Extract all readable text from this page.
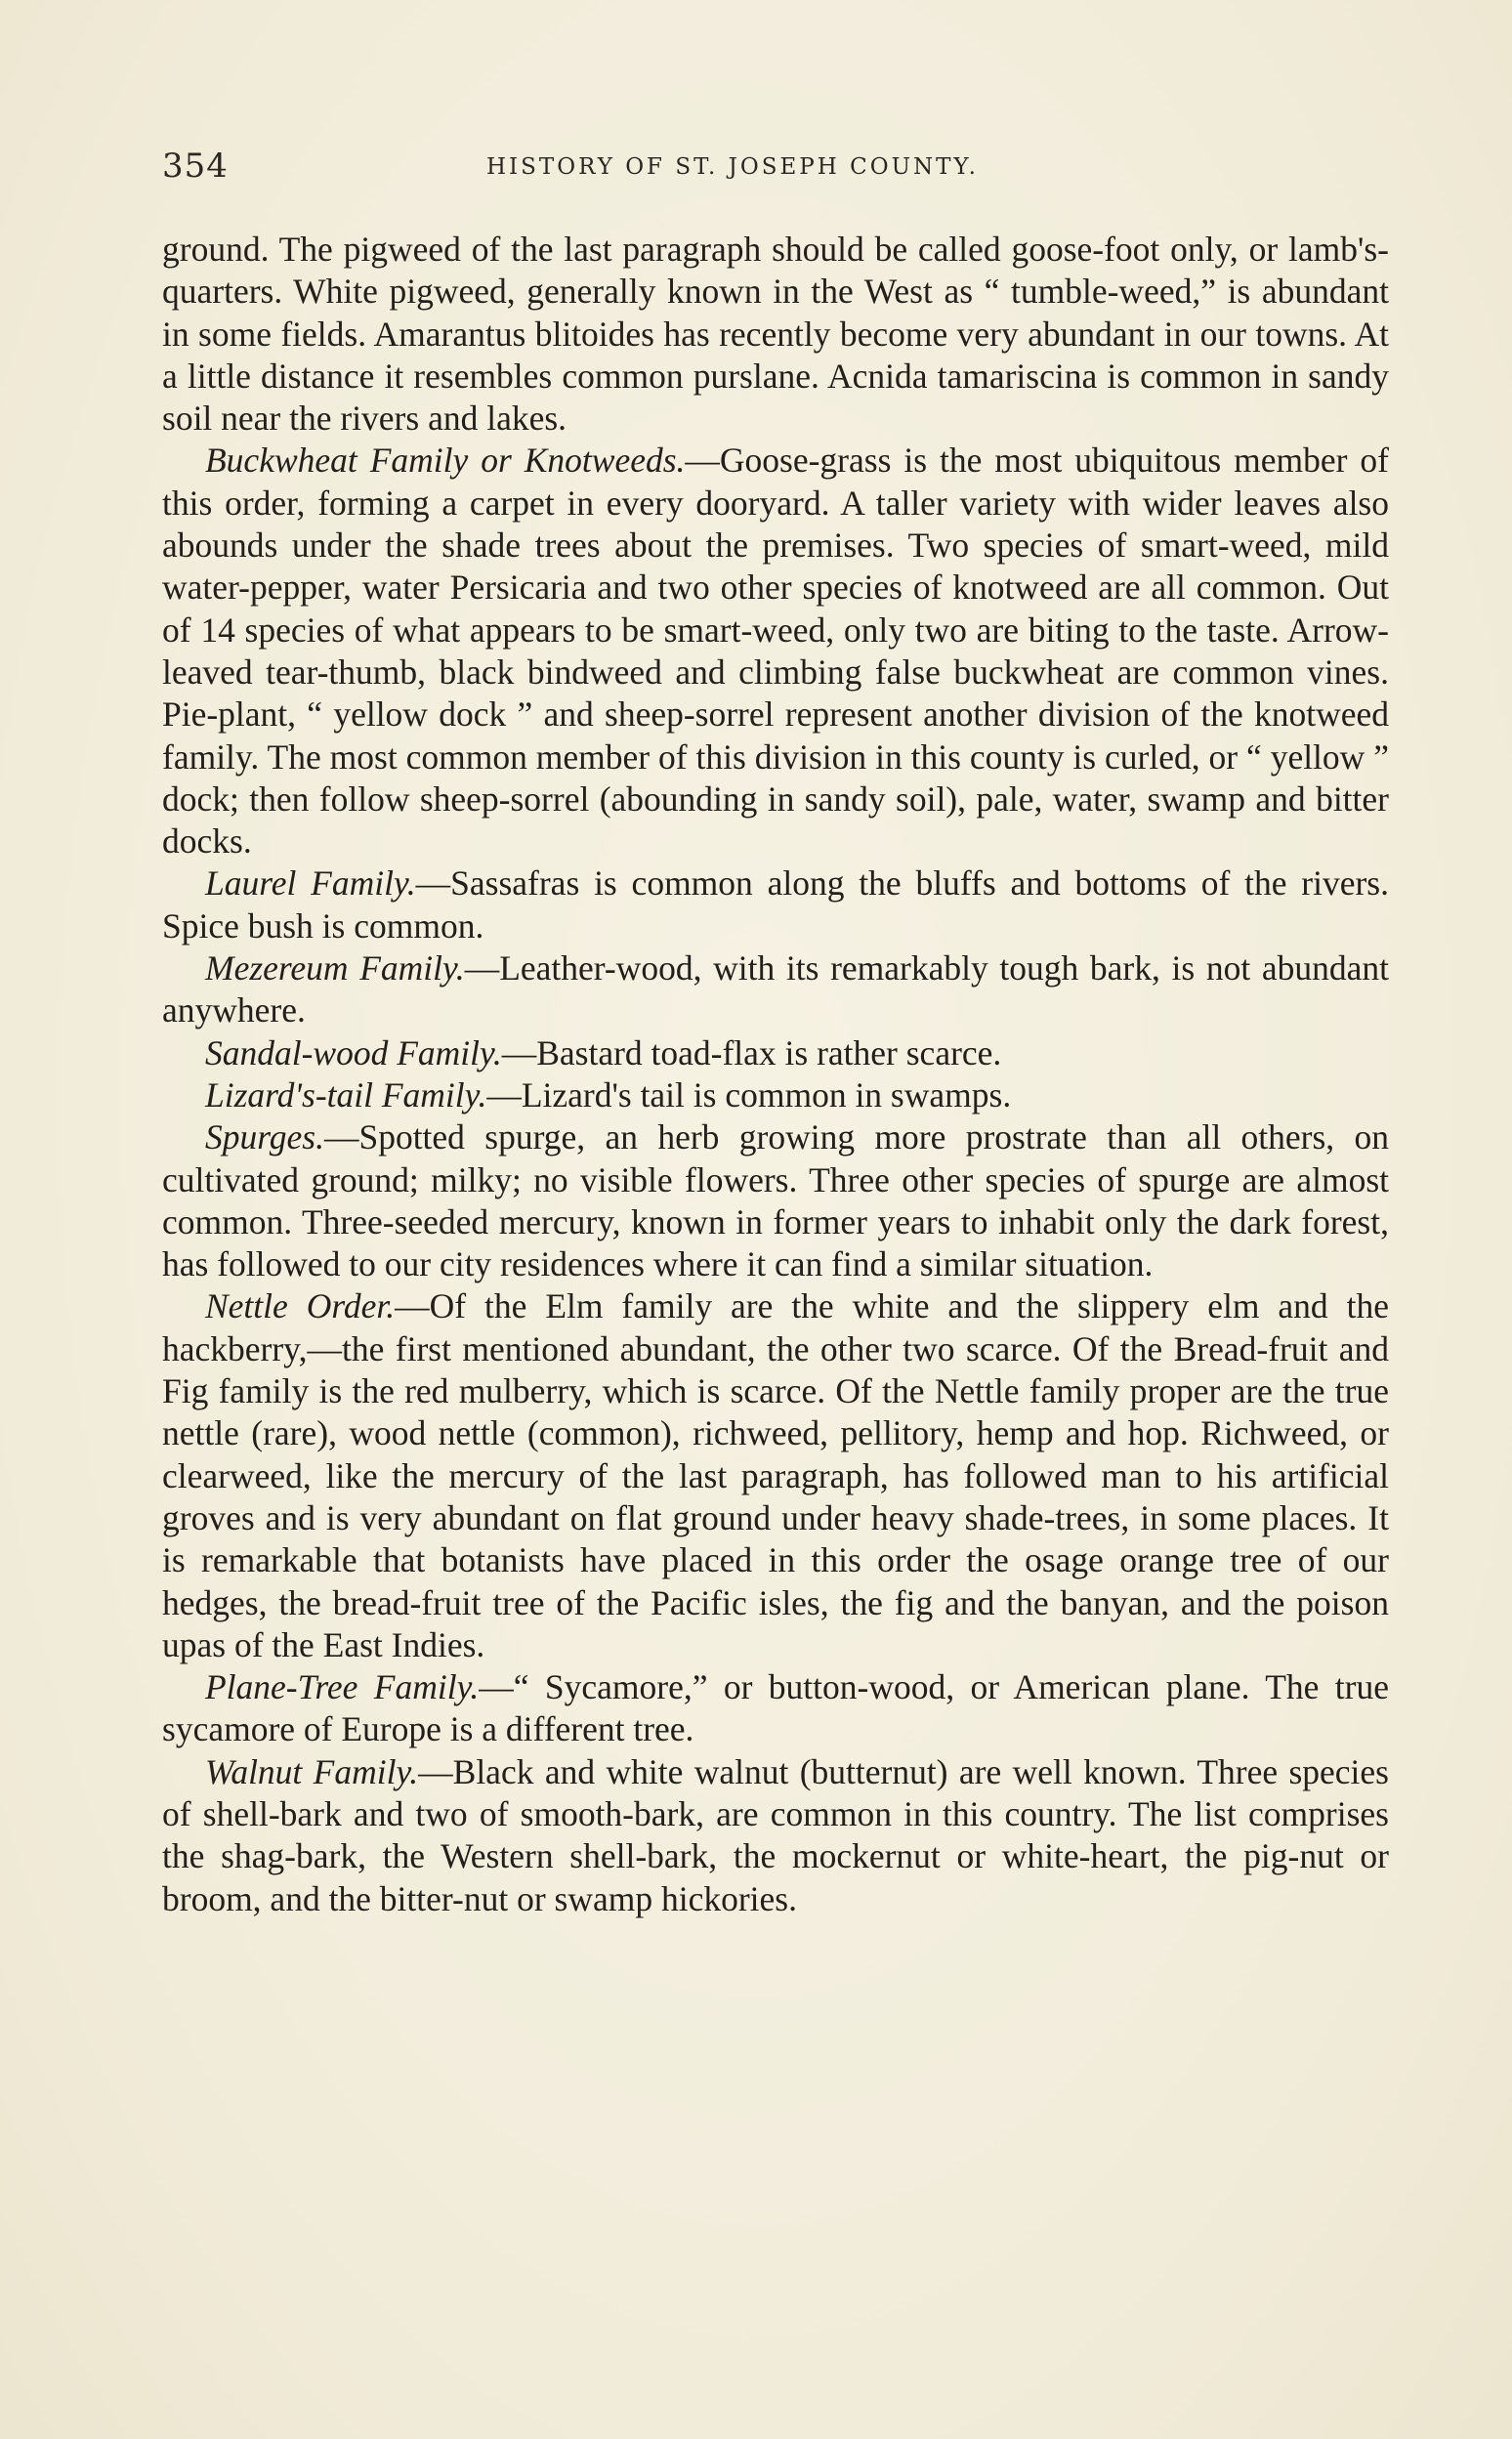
354	HISTORY OF ST. JOSEPH COUNTY.

ground. The pigweed of the last paragraph should be called goose-foot only, or lamb's-quarters. White pigweed, generally known in the West as “ tumble-weed,” is abundant in some fields. Amarantus blitoides has recently become very abundant in our towns. At a little distance it resembles common purslane. Acnida tamariscina is common in sandy soil near the rivers and lakes.

Buckwheat Family or Knotweeds.—Goose-grass is the most ubiquitous member of this order, forming a carpet in every dooryard. A taller variety with wider leaves also abounds under the shade trees about the premises. Two species of smart-weed, mild water-pepper, water Persicaria and two other species of knotweed are all common. Out of 14 species of what appears to be smart-weed, only two are biting to the taste. Arrow-leaved tear-thumb, black bindweed and climbing false buckwheat are common vines. Pie-plant, “ yellow dock ” and sheep-sorrel represent another division of the knotweed family. The most common member of this division in this county is curled, or “ yellow ” dock; then follow sheep-sorrel (abounding in sandy soil), pale, water, swamp and bitter docks.

Laurel Family.—Sassafras is common along the bluffs and bottoms of the rivers. Spice bush is common.

Mezereum Family.—Leather-wood, with its remarkably tough bark, is not abundant anywhere.

Sandal-wood Family.—Bastard toad-flax is rather scarce.

Lizard's-tail Family.—Lizard's tail is common in swamps.

Spurges.—Spotted spurge, an herb growing more prostrate than all others, on cultivated ground; milky; no visible flowers. Three other species of spurge are almost common. Three-seeded mercury, known in former years to inhabit only the dark forest, has followed to our city residences where it can find a similar situation.

Nettle Order.—Of the Elm family are the white and the slippery elm and the hackberry,—the first mentioned abundant, the other two scarce. Of the Bread-fruit and Fig family is the red mulberry, which is scarce. Of the Nettle family proper are the true nettle (rare), wood nettle (common), richweed, pellitory, hemp and hop. Richweed, or clearweed, like the mercury of the last paragraph, has followed man to his artificial groves and is very abundant on flat ground under heavy shade-trees, in some places. It is remarkable that botanists have placed in this order the osage orange tree of our hedges, the bread-fruit tree of the Pacific isles, the fig and the banyan, and the poison upas of the East Indies.

Plane-Tree Family.—“ Sycamore,” or button-wood, or American plane. The true sycamore of Europe is a different tree.

Walnut Family.—Black and white walnut (butternut) are well known. Three species of shell-bark and two of smooth-bark, are common in this country. The list comprises the shag-bark, the Western shell-bark, the mockernut or white-heart, the pig-nut or broom, and the bitter-nut or swamp hickories.
